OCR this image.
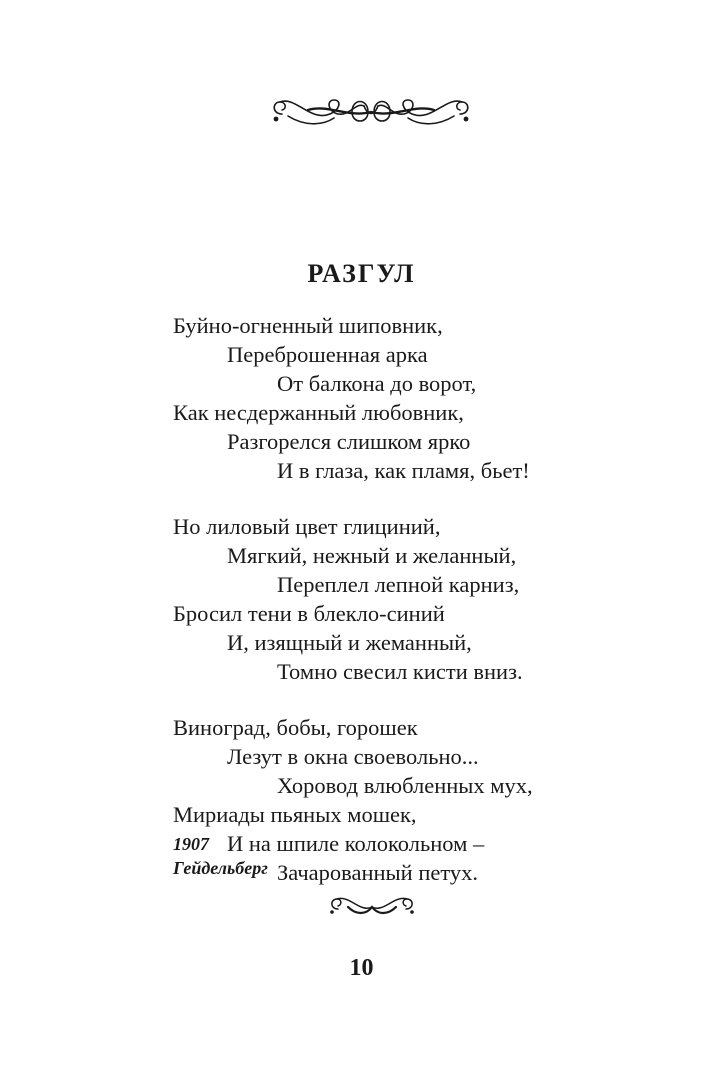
РАЗГУЛ
Буйно-огненный шиповник,
Переброшенная арка
От балкона до ворот,
Как несдержанный любовник,
Разгорелся слишком ярко
И в глаза, как пламя, бьет!
Но лиловый цвет глициний,
Мягкий, нежный и желанный,
Переплел лепной карниз,
Бросил тени в блекло-синий
И, изящный и жеманный,
Томно свесил кисти вниз.
Виноград, бобы, горошек
Лезут в окна своевольно...
Хоровод влюбленных мух,
Мириады пьяных мошек,
И на шпиле колокольном –
Зачарованный петух.
1907
Гейдельберг
10
